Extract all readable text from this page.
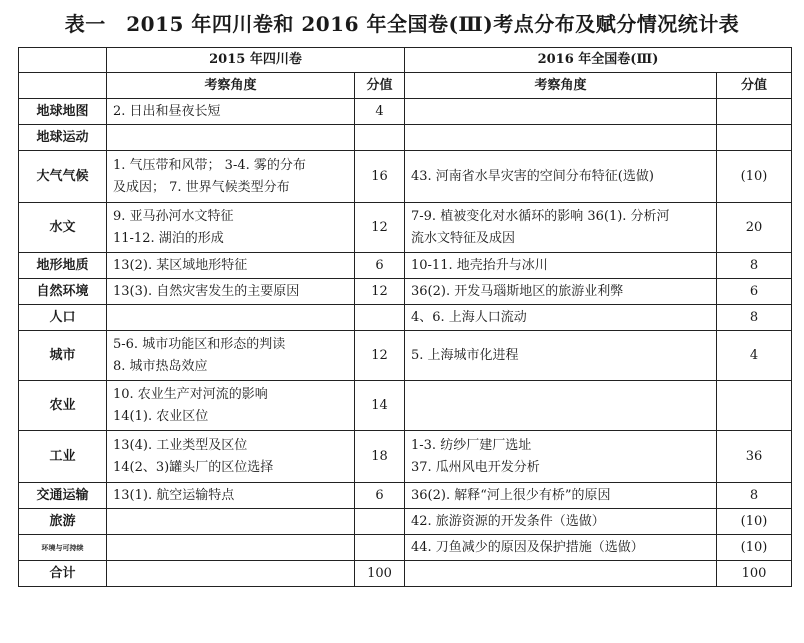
表一　2015 年四川卷和 2016 年全国卷(Ⅲ)考点分布及赋分情况统计表
	2015 年四川卷		2016 年全国卷(Ⅲ)	
	考察角度	分值	考察角度	分值
地球地图	2. 日出和昼夜长短	4	

地球运动	

大气气候	1. 气压带和风带； 3-4. 雾的分布
及成因； 7. 世界气候类型分布	16	43. 河南省水旱灾害的空间分布特征(选做)	(10)
水文	9. 亚马孙河水文特征
11-12. 湖泊的形成	12	7-9. 植被变化对水循环的影响 36(1). 分析河
流水文特征及成因	20
地形地质	13(2). 某区域地形特征	6	10-11. 地壳抬升与冰川	8
自然环境	13(3). 自然灾害发生的主要原因	12	36(2). 开发马瑙斯地区的旅游业利弊	6
人口			4、6. 上海人口流动	8
城市	5-6. 城市功能区和形态的判读
8. 城市热岛效应	12	5. 上海城市化进程	4
农业	10. 农业生产对河流的影响
14(1). 农业区位	14	

工业	13(4). 工业类型及区位
14(2、3)罐头厂的区位选择	18	1-3. 纺纱厂建厂选址
37. 瓜州风电开发分析	36
交通运输	13(1). 航空运输特点	6	36(2). 解释“河上很少有桥”的原因	8
旅游			42. 旅游资源的开发条件（选做）	(10)
环境与可持续			44. 刀鱼减少的原因及保护措施（选做）	(10)
合计		100		100
